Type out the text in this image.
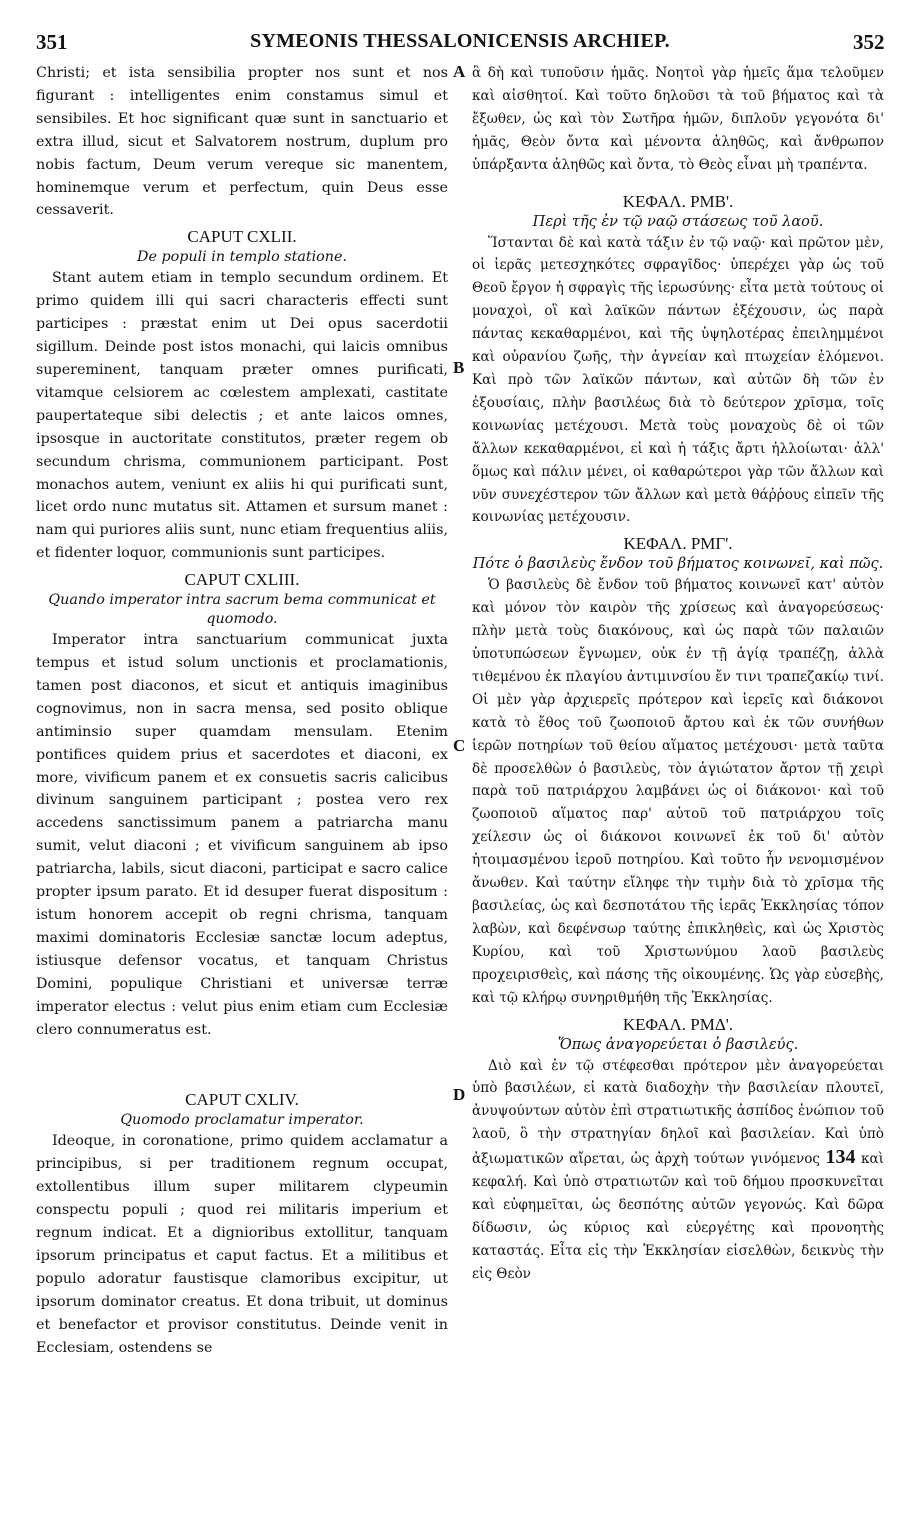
351	SYMEONIS THESSALONICENSIS ARCHIEP.	352
A
B
C
D

Christi; et ista sensibilia propter nos sunt et nos figurant : intelligentes enim constamus simul et sensibiles. Et hoc significant quæ sunt in sanctuario et extra illud, sicut et Salvatorem nostrum, duplum pro nobis factum, Deum verum vereque sic manentem, hominemque verum et perfectum, quin Deus esse cessaverit.

CAPUT CXLII.

De populi in templo statione.

Stant autem etiam in templo secundum ordinem. Et primo quidem illi qui sacri characteris effecti sunt participes : præstat enim ut Dei opus sacerdotii sigillum. Deinde post istos monachi, qui laicis omnibus supereminent, tanquam præter omnes purificati, vitamque celsiorem ac cœlestem amplexati, castitate paupertateque sibi delectis ; et ante laicos omnes, ipsosque in auctoritate constitutos, præter regem ob secundum chrisma, communionem participant. Post monachos autem, veniunt ex aliis hi qui purificati sunt, licet ordo nunc mutatus sit. Attamen et sursum manet : nam qui puriores aliis sunt, nunc etiam frequentius aliis, et fidenter loquor, communionis sunt participes.

CAPUT CXLIII.

Quando imperator intra sacrum bema communicat et quomodo.

Imperator intra sanctuarium communicat juxta tempus et istud solum unctionis et proclamationis, tamen post diaconos, et sicut et antiquis imaginibus cognovimus, non in sacra mensa, sed posito oblique antiminsio super quamdam mensulam. Etenim pontifices quidem prius et sacerdotes et diaconi, ex more, vivificum panem et ex consuetis sacris calicibus divinum sanguinem participant ; postea vero rex accedens sanctissimum panem a patriarcha manu sumit, velut diaconi ; et vivificum sanguinem ab ipso patriarcha, labils, sicut diaconi, participat e sacro calice propter ipsum parato. Et id desuper fuerat dispositum : istum honorem accepit ob regni chrisma, tanquam maximi dominatoris Ecclesiæ sanctæ locum adeptus, istiusque defensor vocatus, et tanquam Christus Domini, populique Christiani et universæ terræ imperator electus : velut pius enim etiam cum Ecclesiæ clero connumeratus est.

CAPUT CXLIV.

Quomodo proclamatur imperator.

Ideoque, in coronatione, primo quidem acclamatur a principibus, si per traditionem regnum occupat, extollentibus illum super militarem clypeumin conspectu populi ; quod rei militaris imperium et regnum indicat. Et a dignioribus extollitur, tanquam ipsorum principatus et caput factus. Et a militibus et populo adoratur faustisque clamoribus excipitur, ut ipsorum dominator creatus. Et dona tribuit, ut dominus et benefactor et provisor constitutus. Deinde venit in Ecclesiam, ostendens se

ἃ δὴ καὶ τυποῦσιν ἡμᾶς. Νοητοὶ γὰρ ἡμεῖς ἅμα τελοῦμεν καὶ αἰσθητοί. Καὶ τοῦτο δηλοῦσι τὰ τοῦ βήματος καὶ τὰ ἔξωθεν, ὡς καὶ τὸν Σωτῆρα ἡμῶν, διπλοῦν γεγονότα δι' ἡμᾶς, Θεὸν ὄντα καὶ μένοντα ἀληθῶς, καὶ ἄνθρωπον ὑπάρξαντα ἀληθῶς καὶ ὄντα, τὸ Θεὸς εἶναι μὴ τραπέντα.

ΚΕΦΑΛ. ΡΜΒ'.

Περὶ τῆς ἐν τῷ ναῷ στάσεως τοῦ λαοῦ.

Ἵστανται δὲ καὶ κατὰ τάξιν ἐν τῷ ναῷ· καὶ πρῶτον μὲν, οἱ ἱερᾶς μετεσχηκότες σφραγῖδος· ὑπερέχει γὰρ ὡς τοῦ Θεοῦ ἔργον ἡ σφραγὶς τῆς ἱερωσύνης· εἶτα μετὰ τούτους οἱ μοναχοὶ, οἳ καὶ λαϊκῶν πάντων ἐξέχουσιν, ὡς παρὰ πάντας κεκαθαρμένοι, καὶ τῆς ὑψηλοτέρας ἐπειλημμένοι καὶ οὐρανίου ζωῆς, τὴν ἁγνείαν καὶ πτωχείαν ἑλόμενοι. Καὶ πρὸ τῶν λαϊκῶν πάντων, καὶ αὐτῶν δὴ τῶν ἐν ἐξουσίαις, πλὴν βασιλέως διὰ τὸ δεύτερον χρῖσμα, τοῖς κοινωνίας μετέχουσι. Μετὰ τοὺς μοναχοὺς δὲ οἱ τῶν ἄλλων κεκαθαρμένοι, εἰ καὶ ἡ τάξις ἄρτι ἠλλοίωται· ἀλλ' ὅμως καὶ πάλιν μένει, οἱ καθαρώτεροι γὰρ τῶν ἄλλων καὶ νῦν συνεχέστερον τῶν ἄλλων καὶ μετὰ θάῤῥους εἰπεῖν τῆς κοινωνίας μετέχουσιν.

ΚΕΦΑΛ. ΡΜΓ'.

Πότε ὁ βασιλεὺς ἔνδον τοῦ βήματος κοινωνεῖ, καὶ πῶς.

Ὁ βασιλεὺς δὲ ἔνδον τοῦ βήματος κοινωνεῖ κατ' αὐτὸν καὶ μόνον τὸν καιρὸν τῆς χρίσεως καὶ ἀναγορεύσεως· πλὴν μετὰ τοὺς διακόνους, καὶ ὡς παρὰ τῶν παλαιῶν ὑποτυπώσεων ἔγνωμεν, οὐκ ἐν τῇ ἁγίᾳ τραπέζῃ, ἀλλὰ τιθεμένου ἐκ πλαγίου ἀντιμινσίου ἔν τινι τραπεζακίῳ τινί. Οἱ μὲν γὰρ ἀρχιερεῖς πρότερον καὶ ἱερεῖς καὶ διάκονοι κατὰ τὸ ἔθος τοῦ ζωοποιοῦ ἄρτου καὶ ἐκ τῶν συνήθων ἱερῶν ποτηρίων τοῦ θείου αἵματος μετέχουσι· μετὰ ταῦτα δὲ προσελθὼν ὁ βασιλεὺς, τὸν ἁγιώτατον ἄρτον τῇ χειρὶ παρὰ τοῦ πατριάρχου λαμβάνει ὡς οἱ διάκονοι· καὶ τοῦ ζωοποιοῦ αἵματος παρ' αὐτοῦ τοῦ πατριάρχου τοῖς χείλεσιν ὡς οἱ διάκονοι κοινωνεῖ ἐκ τοῦ δι' αὐτὸν ἡτοιμασμένου ἱεροῦ ποτηρίου. Καὶ τοῦτο ἦν νενομισμένον ἄνωθεν. Καὶ ταύτην εἴληφε τὴν τιμὴν διὰ τὸ χρῖσμα τῆς βασιλείας, ὡς καὶ δεσποτάτου τῆς ἱερᾶς Ἐκκλησίας τόπον λαβὼν, καὶ δεφένσωρ ταύτης ἐπικληθεὶς, καὶ ὡς Χριστὸς Κυρίου, καὶ τοῦ Χριστωνύμου λαοῦ βασιλεὺς προχειρισθεὶς, καὶ πάσης τῆς οἰκουμένης. Ὡς γὰρ εὐσεβὴς, καὶ τῷ κλήρῳ συνηριθμήθη τῆς Ἐκκλησίας.

ΚΕΦΑΛ. ΡΜΔ'.

Ὅπως ἀναγορεύεται ὁ βασιλεύς.

Διὸ καὶ ἐν τῷ στέφεσθαι πρότερον μὲν ἀναγορεύεται ὑπὸ βασιλέων, εἰ κατὰ διαδοχὴν τὴν βασιλείαν πλουτεῖ, ἀνυψούντων αὐτὸν ἐπὶ στρατιωτικῆς ἀσπίδος ἐνώπιον τοῦ λαοῦ, ὃ τὴν στρατηγίαν δηλοῖ καὶ βασιλείαν. Καὶ ὑπὸ ἀξιωματικῶν αἴρεται, ὡς ἀρχὴ τούτων γινόμενος 134 καὶ κεφαλή. Καὶ ὑπὸ στρατιωτῶν καὶ τοῦ δήμου προσκυνεῖται καὶ εὐφημεῖται, ὡς δεσπότης αὐτῶν γεγονώς. Καὶ δῶρα δίδωσιν, ὡς κύριος καὶ εὐεργέτης καὶ προνοητὴς καταστάς. Εἶτα εἰς τὴν Ἐκκλησίαν εἰσελθὼν, δεικνὺς τὴν εἰς Θεὸν
